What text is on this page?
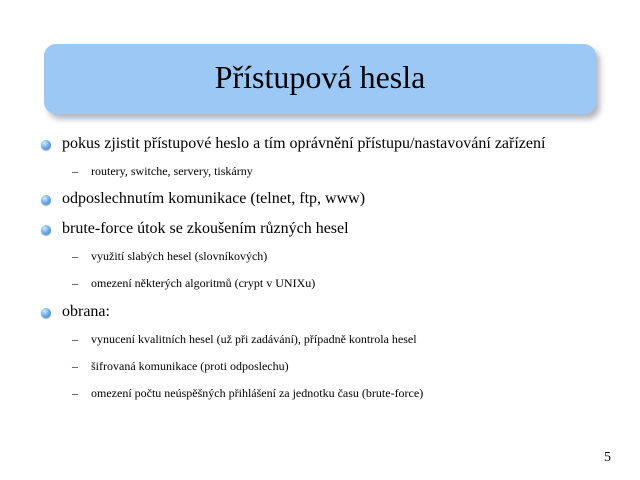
Přístupová hesla
pokus zjistit přístupové heslo a tím oprávnění přístupu/nastavování zařízení
– routery, switche, servery, tiskárny
odposlechnutím komunikace (telnet, ftp, www)
brute-force útok se zkoušením různých hesel
– využití slabých hesel (slovníkových)
– omezení některých algoritmů (crypt v UNIXu)
obrana:
– vynucení kvalitních hesel (už při zadávání), případně kontrola hesel
– šifrovaná komunikace (proti odposlechu)
– omezení počtu neúspěšných přihlášení za jednotku času (brute-force)
5
